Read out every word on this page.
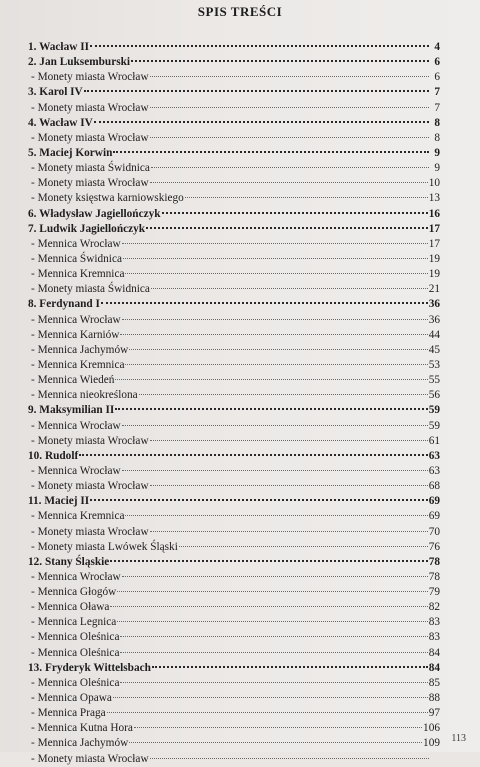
SPIS TREŚCI
1. Wacław II	4
2. Jan Luksemburski	6
- Monety miasta Wrocław	6
3. Karol IV	7
- Monety miasta Wrocław	7
4. Wacław IV	8
- Monety miasta Wrocław	8
5. Maciej Korwin	9
- Monety miasta Świdnica	9
- Monety miasta Wrocław	10
- Monety księstwa karniowskiego	13
6. Władysław Jagiellończyk	16
7. Ludwik Jagiellończyk	17
- Mennica Wrocław	17
- Mennica Świdnica	19
- Mennica Kremnica	19
- Monety miasta Świdnica	21
8. Ferdynand I	36
- Mennica Wrocław	36
- Mennica Karniów	44
- Mennica Jachymów	45
- Mennica Kremnica	53
- Mennica Wiedeń	55
- Mennica nieokreślona	56
9. Maksymilian II	59
- Mennica Wrocław	59
- Monety miasta Wrocław	61
10. Rudolf	63
- Mennica Wrocław	63
- Monety miasta Wrocław	68
11. Maciej II	69
- Mennica Kremnica	69
- Monety miasta Wrocław	70
- Monety miasta Lwówek Śląski	76
12. Stany Śląskie	78
- Mennica Wrocław	78
- Mennica Głogów	79
- Mennica Oława	82
- Mennica Legnica	83
- Mennica Oleśnica	83
- Mennica Oleśnica	84
13. Fryderyk Wittelsbach	84
- Mennica Oleśnica	85
- Mennica Opawa	88
- Mennica Praga	97
- Mennica Kutna Hora	106
- Mennica Jachymów	109
- Monety miasta Wrocław
113
